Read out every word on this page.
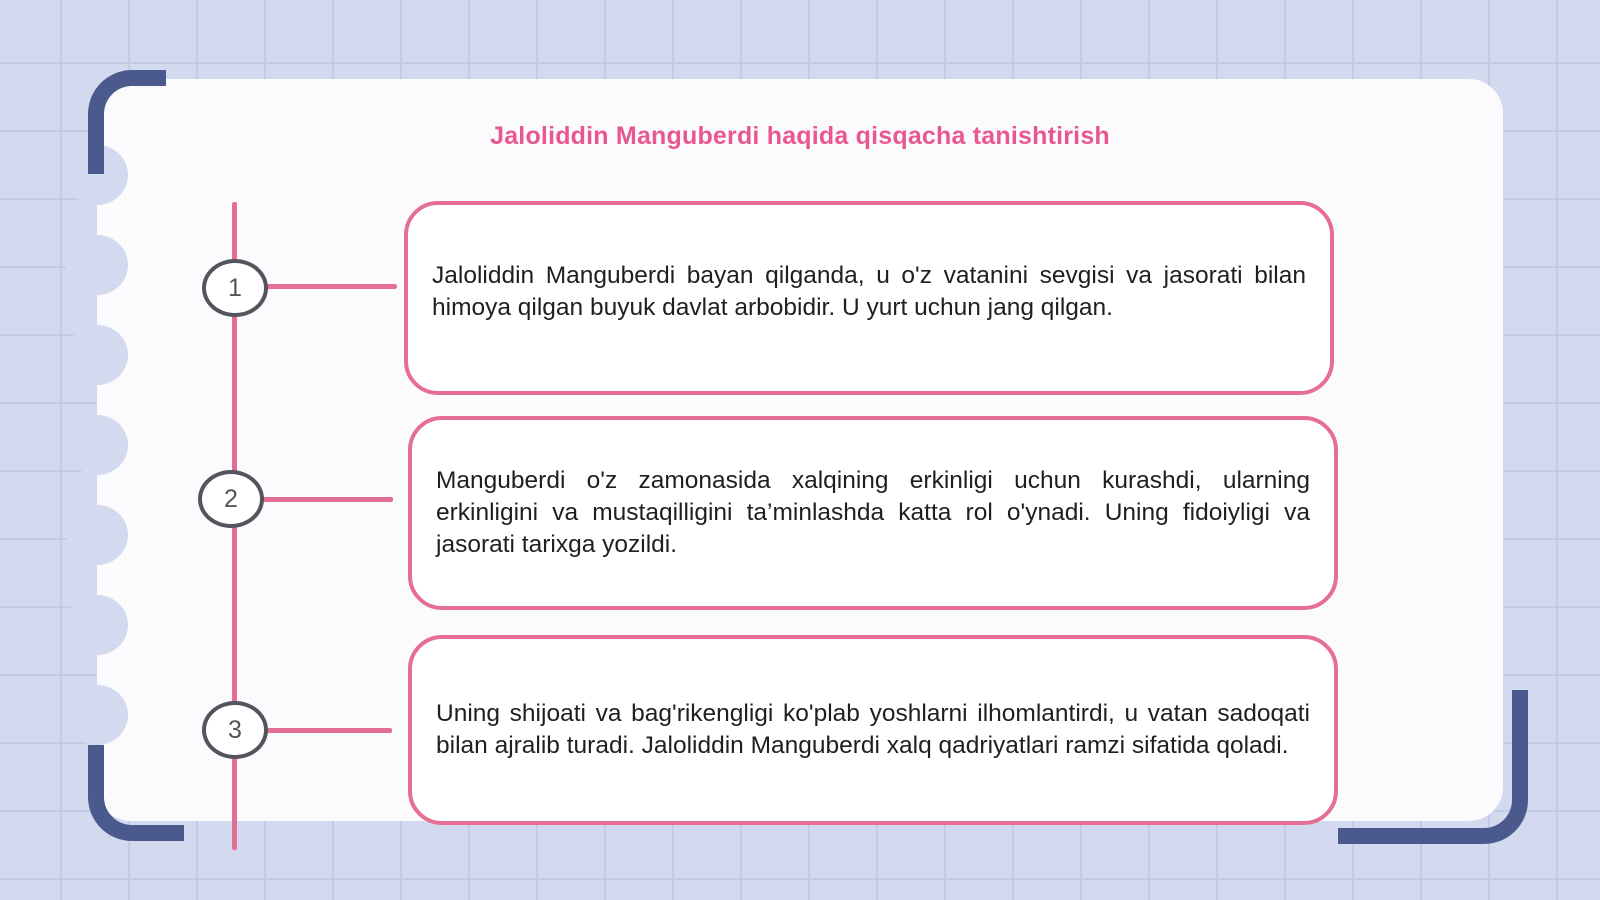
Jaloliddin Manguberdi haqida qisqacha tanishtirish
1	Jaloliddin Manguberdi bayan qilganda, u o'z vatanini sevgisi va jasorati bilan himoya qilgan buyuk davlat arbobidir. U yurt uchun jang qilgan.
2
Manguberdi o'z zamonasida xalqining erkinligi uchun kurashdi, ularning erkinligini va mustaqilligini ta’minlashda katta rol o'ynadi. Uning fidoiyligi va jasorati tarixga yozildi.
3
Uning shijoati va bag'rikengligi ko'plab yoshlarni ilhomlantirdi, u vatan sadoqati bilan ajralib turadi. Jaloliddin Manguberdi xalq qadriyatlari ramzi sifatida qoladi.
